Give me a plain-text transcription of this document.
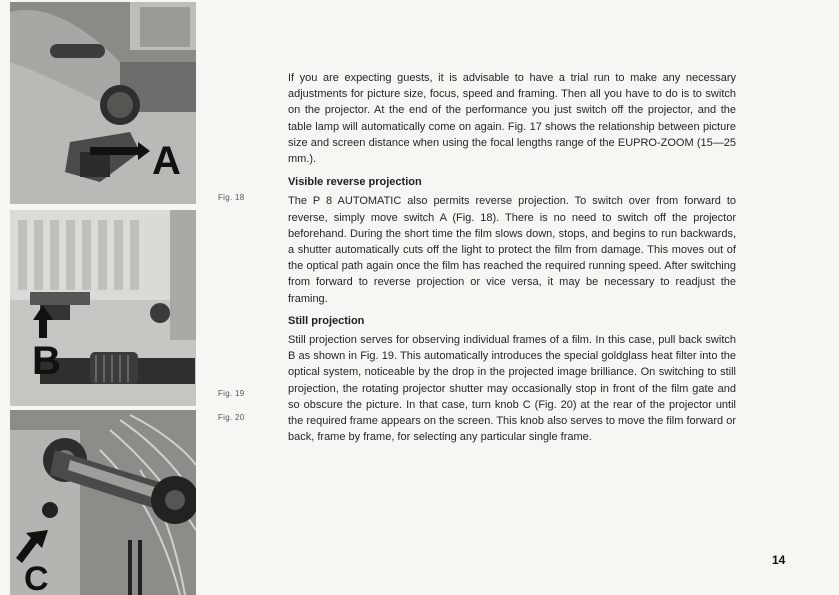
A
B
C
Fig. 18
Fig. 19
Fig. 20

If you are expecting guests, it is advisable to have a trial run to make any necessary adjustments for picture size, focus, speed and framing. Then all you have to do is to switch on the projector. At the end of the performance you just switch off the projector, and the table lamp will automatically come on again. Fig. 17 shows the relationship between picture size and screen distance when using the focal lengths range of the EUPRO-ZOOM (15—25 mm.).

Visible reverse projection

The P 8 AUTOMATIC also permits reverse projection. To switch over from forward to reverse, simply move switch A (Fig. 18). There is no need to switch off the projector beforehand. During the short time the film slows down, stops, and begins to run backwards, a shutter automatically cuts off the light to protect the film from damage. This moves out of the optical path again once the film has reached the required running speed. After switching from forward to reverse projection or vice versa, it may be necessary to readjust the framing.

Still projection

Still projection serves for observing individual frames of a film. In this case, pull back switch B as shown in Fig. 19. This automatically introduces the special goldglass heat filter into the optical system, noticeable by the drop in the projected image brilliance. On switching to still projection, the rotating projector shutter may occasionally stop in front of the film gate and so obscure the picture. In that case, turn knob C (Fig. 20) at the rear of the projector until the required frame appears on the screen. This knob also serves to move the film forward or back, frame by frame, for selecting any particular single frame.

14
